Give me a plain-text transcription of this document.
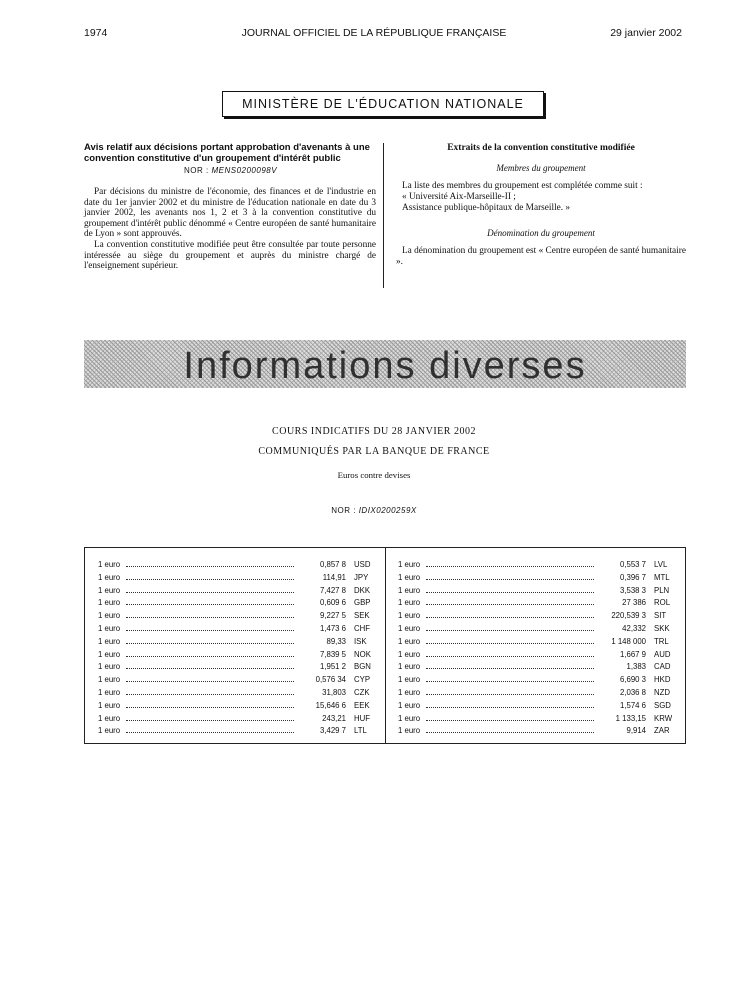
1974	JOURNAL OFFICIEL DE LA RÉPUBLIQUE FRANÇAISE	29 janvier 2002
MINISTÈRE DE L'ÉDUCATION NATIONALE
Avis relatif aux décisions portant approbation d'avenants à une convention constitutive d'un groupement d'intérêt public
NOR : MENS0200098V

Par décisions du ministre de l'économie, des finances et de l'industrie en date du 1er janvier 2002 et du ministre de l'éducation nationale en date du 3 janvier 2002, les avenants nos 1, 2 et 3 à la convention constitutive du groupement d'intérêt public dénommé « Centre européen de santé humanitaire de Lyon » sont approuvés.

La convention constitutive modifiée peut être consultée par toute personne intéressée au siège du groupement et auprès du ministre chargé de l'enseignement supérieur.

Extraits de la convention constitutive modifiée
Membres du groupement

La liste des membres du groupement est complétée comme suit :

« Université Aix-Marseille-II ;

Assistance publique-hôpitaux de Marseille. »

Dénomination du groupement

La dénomination du groupement est « Centre européen de santé humanitaire ».

Informations diverses
COURS INDICATIFS DU 28 JANVIER 2002
COMMUNIQUÉS PAR LA BANQUE DE FRANCE
Euros contre devises
NOR : IDIX0200259X
1 euro	0,857 8 USD
1 euro	114,91 JPY
1 euro	7,427 8 DKK
1 euro	0,609 6 GBP
1 euro	9,227 5 SEK
1 euro	1,473 6 CHF
1 euro	89,33 ISK
1 euro	7,839 5 NOK
1 euro	1,951 2 BGN
1 euro	0,576 34 CYP
1 euro	31,803 CZK
1 euro	15,646 6 EEK
1 euro	243,21 HUF
1 euro	3,429 7 LTL
1 euro	0,553 7 LVL
1 euro	0,396 7 MTL
1 euro	3,538 3 PLN
1 euro	27 386 ROL
1 euro	220,539 3 SIT
1 euro	42,332 SKK
1 euro	1 148 000 TRL
1 euro	1,667 9 AUD
1 euro	1,383 CAD
1 euro	6,690 3 HKD
1 euro	2,036 8 NZD
1 euro	1,574 6 SGD
1 euro	1 133,15 KRW
1 euro	9,914 ZAR
